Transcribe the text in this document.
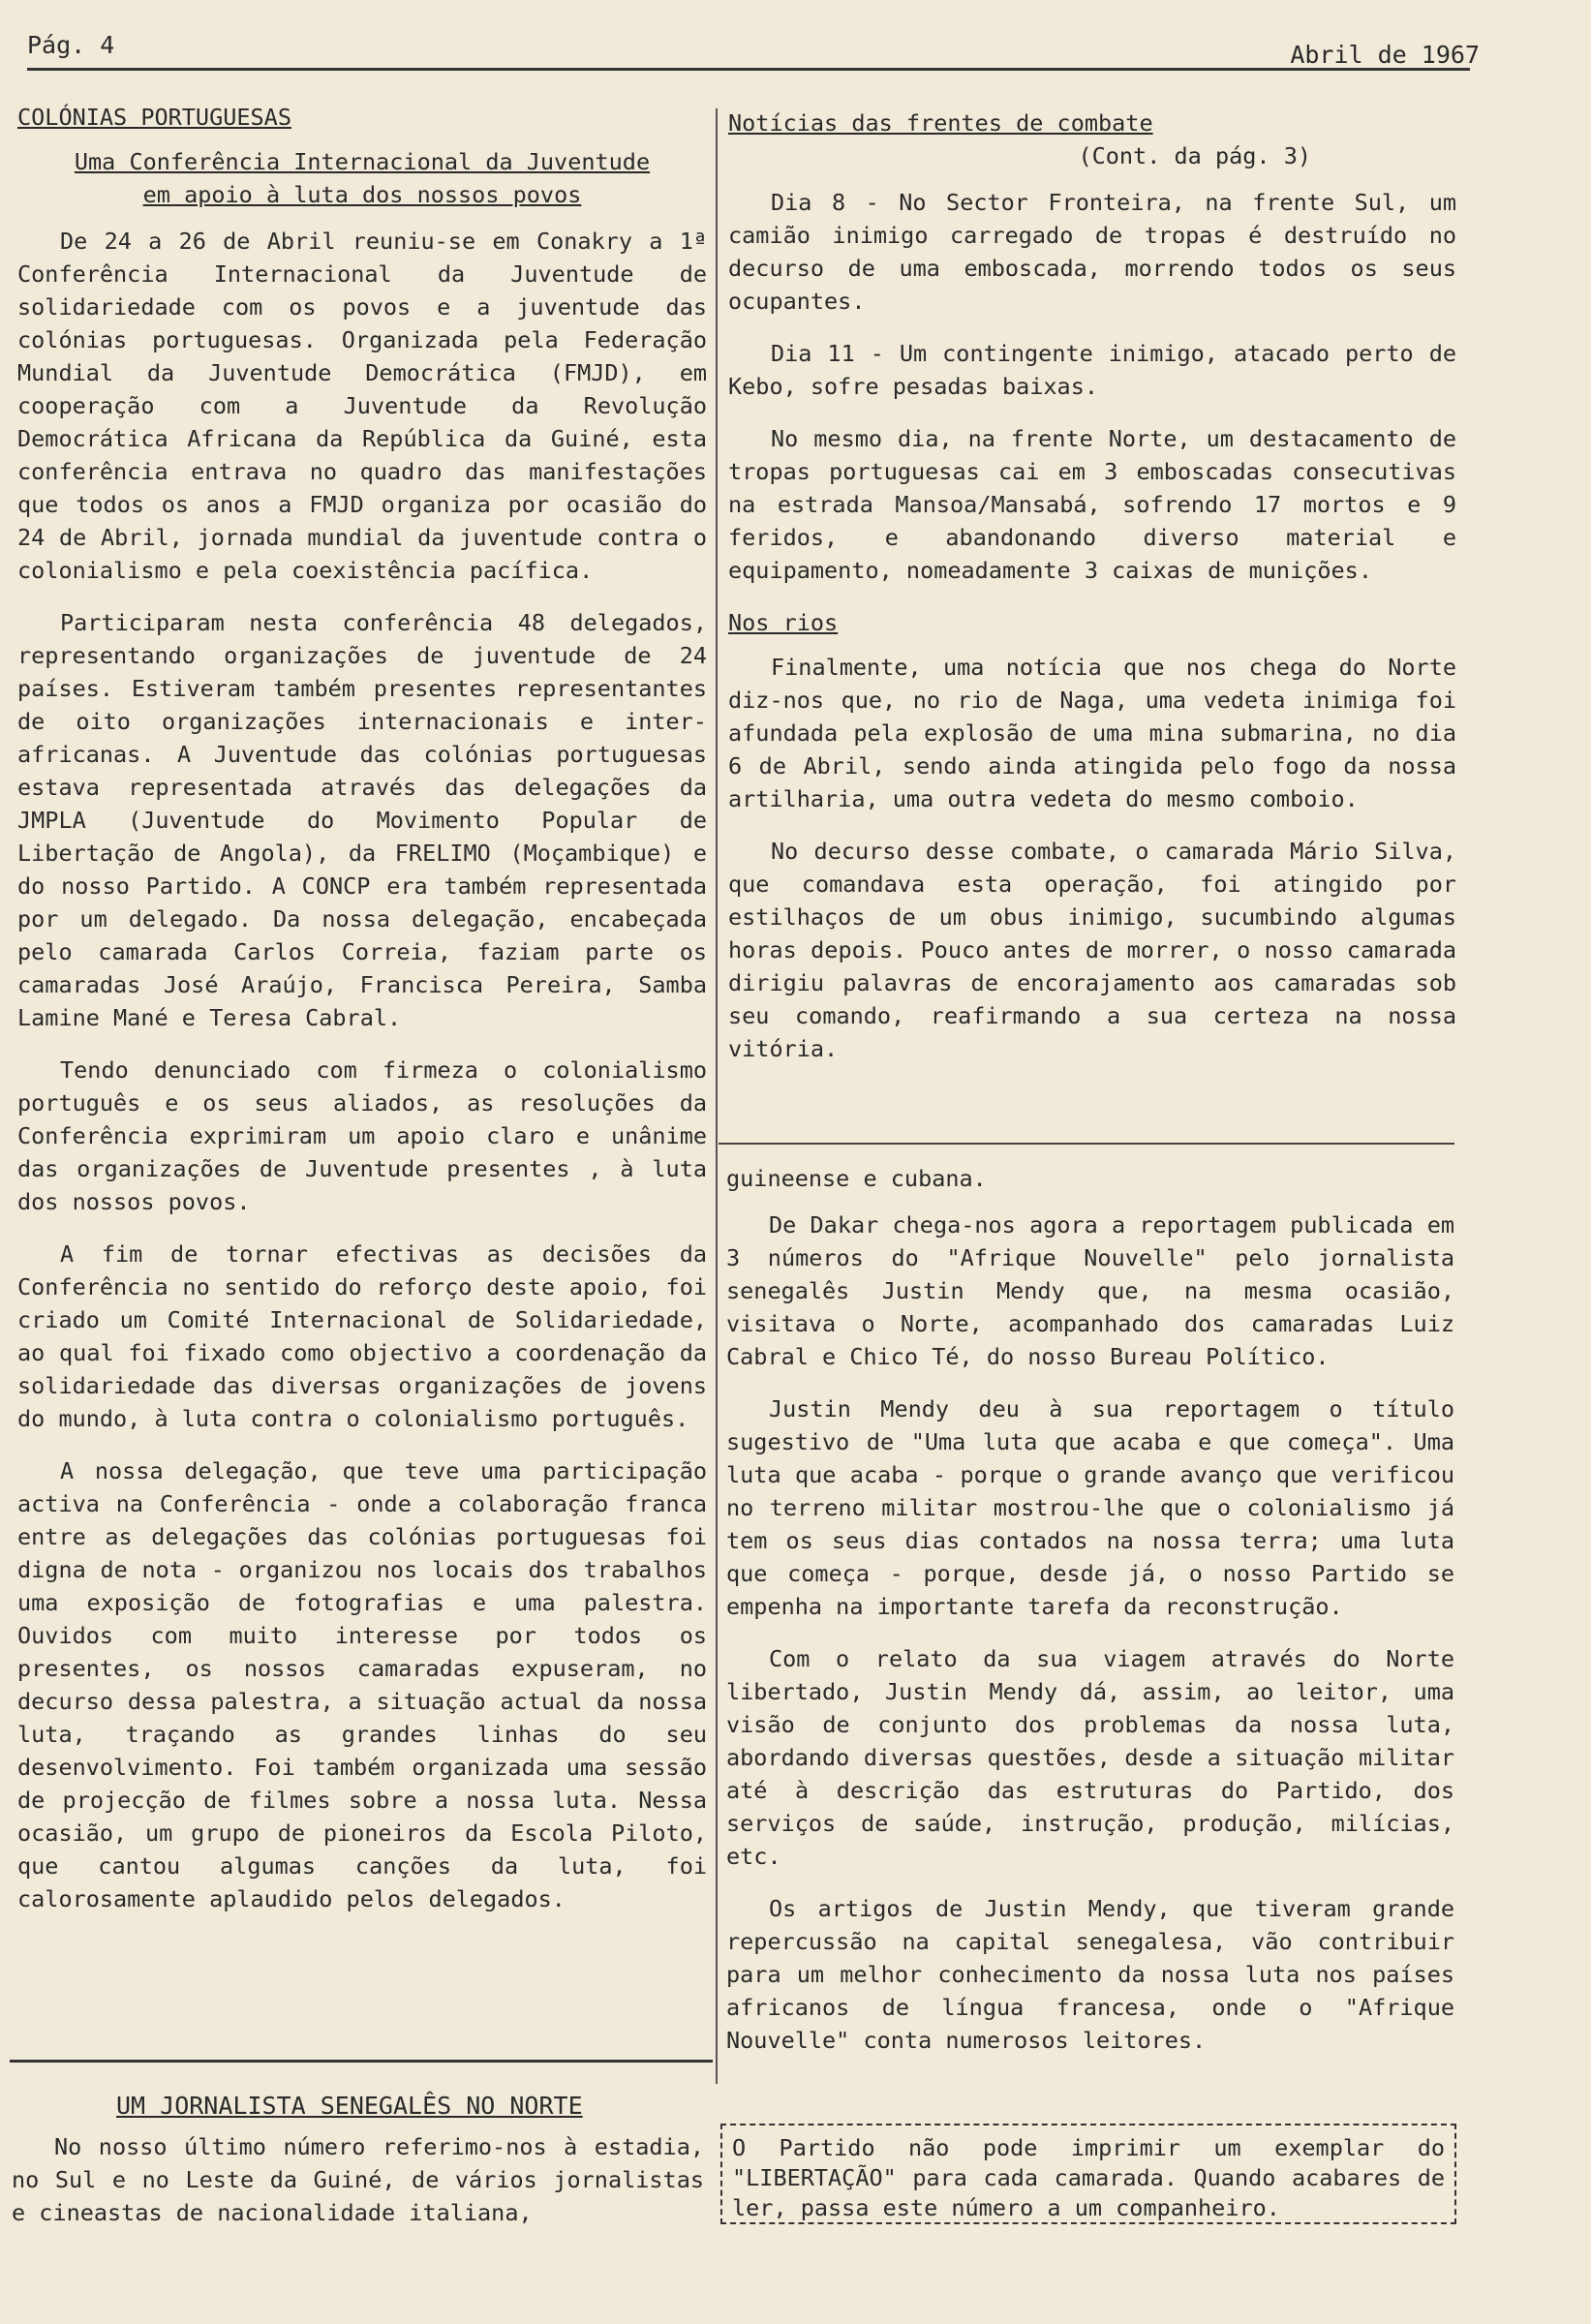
Pág. 4	Abril de 1967
COLÓNIAS PORTUGUESAS
Uma Conferência Internacional da Juventude
em apoio à luta dos nossos povos

De 24 a 26 de Abril reuniu-se em Conakry a 1ª Conferência Internacional da Juventude de solidariedade com os povos e a juventude das colónias portuguesas. Organizada pela Federação Mundial da Juventude Democrática (FMJD), em cooperação com a Juventude da Revolução Democrática Africana da República da Guiné, esta conferência entrava no quadro das manifestações que todos os anos a FMJD organiza por ocasião do 24 de Abril, jornada mundial da juventude contra o colonialismo e pela coexistência pacífica.

Participaram nesta conferência 48 delegados, representando organizações de juventude de 24 países. Estiveram também presentes representantes de oito organizações internacionais e inter-africanas. A Juventude das colónias portuguesas estava representada através das delegações da JMPLA (Juventude do Movimento Popular de Libertação de Angola), da FRELIMO (Moçambique) e do nosso Partido. A CONCP era também representada por um delegado. Da nossa delegação, encabeçada pelo camarada Carlos Correia, faziam parte os camaradas José Araújo, Francisca Pereira, Samba Lamine Mané e Teresa Cabral.

Tendo denunciado com firmeza o colonialismo português e os seus aliados, as resoluções da Conferência exprimiram um apoio claro e unânime das organizações de Juventude presentes , à luta dos nossos povos.

A fim de tornar efectivas as decisões da Conferência no sentido do reforço deste apoio, foi criado um Comité Internacional de Solidariedade, ao qual foi fixado como objectivo a coordenação da solidariedade das diversas organizações de jovens do mundo, à luta contra o colonialismo português.

A nossa delegação, que teve uma participação activa na Conferência - onde a colaboração franca entre as delegações das colónias portuguesas foi digna de nota - organizou nos locais dos trabalhos uma exposição de fotografias e uma palestra. Ouvidos com muito interesse por todos os presentes, os nossos camaradas expuseram, no decurso dessa palestra, a situação actual da nossa luta, traçando as grandes linhas do seu desenvolvimento. Foi também organizada uma sessão de projecção de filmes sobre a nossa luta. Nessa ocasião, um grupo de pioneiros da Escola Piloto, que cantou algumas canções da luta, foi calorosamente aplaudido pelos delegados.

Notícias das frentes de combate
(Cont. da pág. 3)

Dia 8 - No Sector Fronteira, na frente Sul, um camião inimigo carregado de tropas é destruído no decurso de uma emboscada, morrendo todos os seus ocupantes.

Dia 11 - Um contingente inimigo, atacado perto de Kebo, sofre pesadas baixas.

No mesmo dia, na frente Norte, um destacamento de tropas portuguesas cai em 3 emboscadas consecutivas na estrada Mansoa/Mansabá, sofrendo 17 mortos e 9 feridos, e abandonando diverso material e equipamento, nomeadamente 3 caixas de munições.

Nos rios

Finalmente, uma notícia que nos chega do Norte diz-nos que, no rio de Naga, uma vedeta inimiga foi afundada pela explosão de uma mina submarina, no dia 6 de Abril, sendo ainda atingida pelo fogo da nossa artilharia, uma outra vedeta do mesmo comboio.

No decurso desse combate, o camarada Mário Silva, que comandava esta operação, foi atingido por estilhaços de um obus inimigo, sucumbindo algumas horas depois. Pouco antes de morrer, o nosso camarada dirigiu palavras de encorajamento aos camaradas sob seu comando, reafirmando a sua certeza na nossa vitória.

guineense e cubana.

De Dakar chega-nos agora a reportagem publicada em 3 números do "Afrique Nouvelle" pelo jornalista senegalês Justin Mendy que, na mesma ocasião, visitava o Norte, acompanhado dos camaradas Luiz Cabral e Chico Té, do nosso Bureau Político.

Justin Mendy deu à sua reportagem o título sugestivo de "Uma luta que acaba e que começa". Uma luta que acaba - porque o grande avanço que verificou no terreno militar mostrou-lhe que o colonialismo já tem os seus dias contados na nossa terra; uma luta que começa - porque, desde já, o nosso Partido se empenha na importante tarefa da reconstrução.

Com o relato da sua viagem através do Norte libertado, Justin Mendy dá, assim, ao leitor, uma visão de conjunto dos problemas da nossa luta, abordando diversas questões, desde a situação militar até à descrição das estruturas do Partido, dos serviços de saúde, instrução, produção, milícias, etc.

Os artigos de Justin Mendy, que tiveram grande repercussão na capital senegalesa, vão contribuir para um melhor conhecimento da nossa luta nos países africanos de língua francesa, onde o "Afrique Nouvelle" conta numerosos leitores.

UM JORNALISTA SENEGALÊS NO NORTE

No nosso último número referimo-nos à estadia, no Sul e no Leste da Guiné, de vários jornalistas e cineastas de nacionalidade italiana,

O Partido não pode imprimir um exemplar do "LIBERTAÇÃO" para cada camarada. Quando acabares de ler, passa este número a um companheiro.
